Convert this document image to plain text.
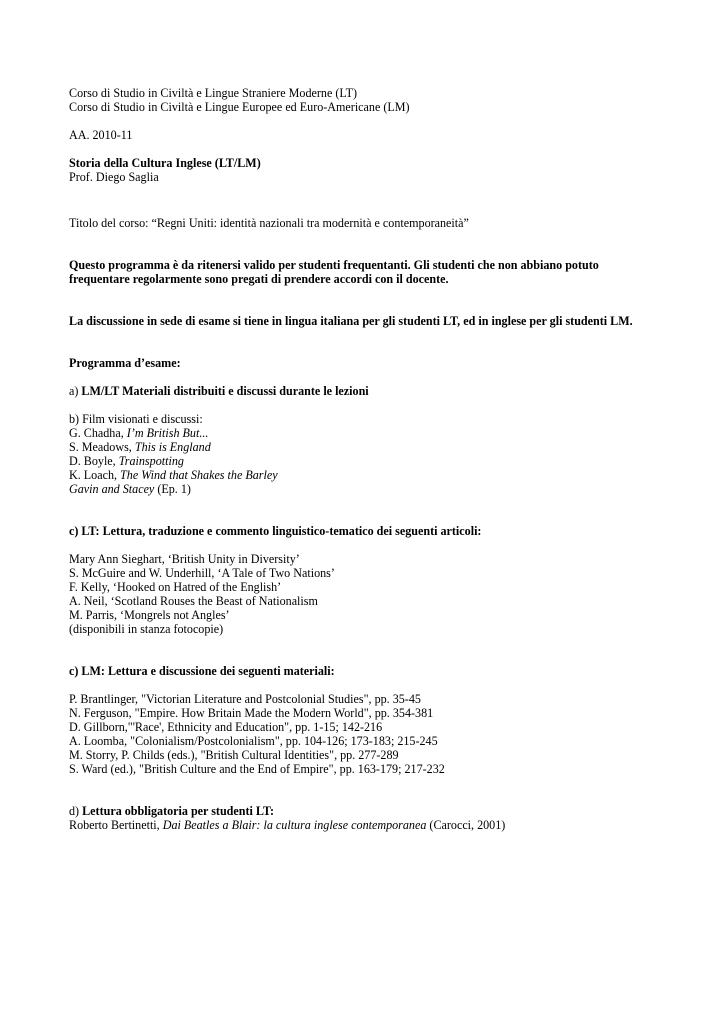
Corso di Studio in Civiltà e Lingue Straniere Moderne (LT)

Corso di Studio in Civiltà e Lingue Europee ed Euro-Americane (LM)

AA. 2010-11

Storia della Cultura Inglese (LT/LM)

Prof. Diego Saglia

Titolo del corso: “Regni Uniti: identità nazionali tra modernità e contemporaneità”

Questo programma è da ritenersi valido per studenti frequentanti. Gli studenti che non abbiano potuto

frequentare regolarmente sono pregati di prendere accordi con il docente.

La discussione in sede di esame si tiene in lingua italiana per gli studenti LT, ed in inglese per gli studenti LM.

Programma d’esame:

a) LM/LT Materiali distribuiti e discussi durante le lezioni

b) Film visionati e discussi:

G. Chadha, I’m British But...

S. Meadows, This is England

D. Boyle, Trainspotting

K. Loach, The Wind that Shakes the Barley

Gavin and Stacey (Ep. 1)

c) LT: Lettura, traduzione e commento linguistico-tematico dei seguenti articoli:

Mary Ann Sieghart, ‘British Unity in Diversity’

S. McGuire and W. Underhill, ‘A Tale of Two Nations’

F. Kelly, ‘Hooked on Hatred of the English’

A. Neil, ‘Scotland Rouses the Beast of Nationalism

M. Parris, ‘Mongrels not Angles’

(disponibili in stanza fotocopie)

c) LM: Lettura e discussione dei seguenti materiali:

P. Brantlinger, "Victorian Literature and Postcolonial Studies", pp. 35-45

N. Ferguson, "Empire. How Britain Made the Modern World", pp. 354-381

D. Gillborn,"'Race', Ethnicity and Education", pp. 1-15; 142-216

A. Loomba, "Colonialism/Postcolonialism", pp. 104-126; 173-183; 215-245

M. Storry, P. Childs (eds.), "British Cultural Identities", pp. 277-289

S. Ward (ed.), "British Culture and the End of Empire", pp. 163-179; 217-232

d) Lettura obbligatoria per studenti LT:

Roberto Bertinetti, Dai Beatles a Blair: la cultura inglese contemporanea (Carocci, 2001)
